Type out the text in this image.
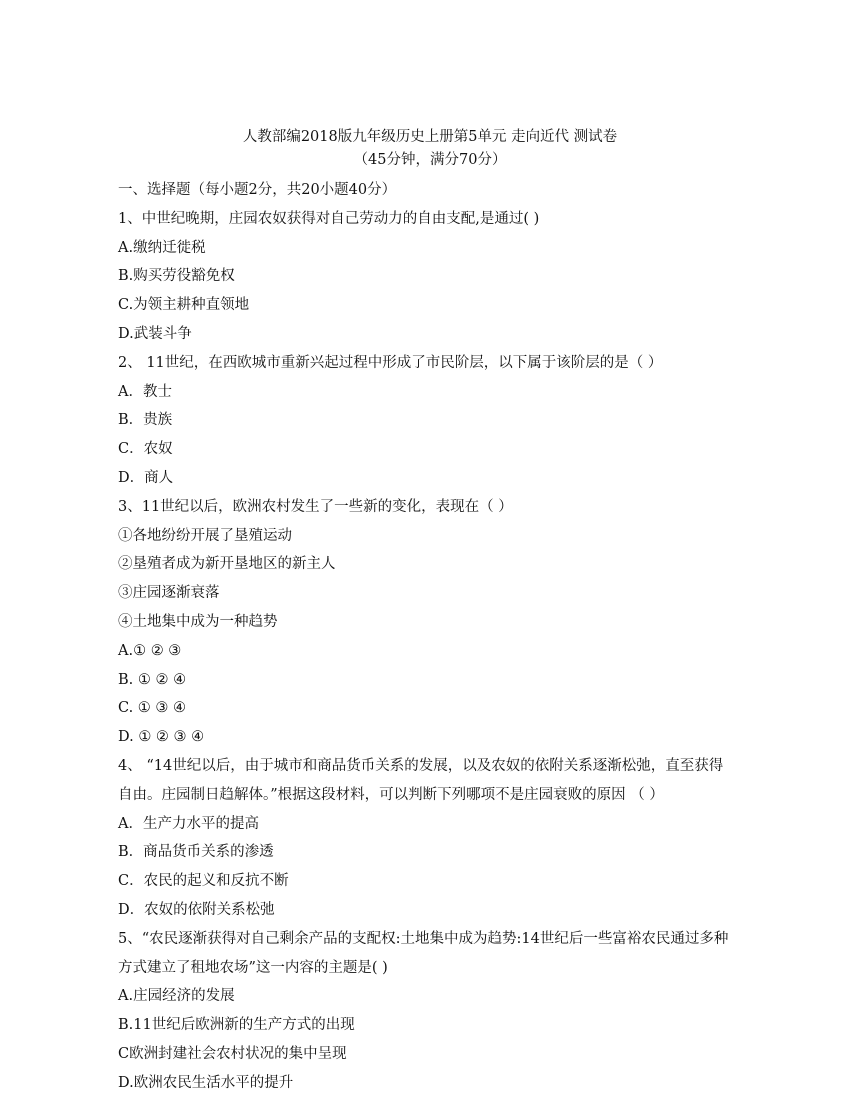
人教部编2018版九年级历史上册第5单元 走向近代 测试卷
（45分钟，满分70分）
一、选择题（每小题2分，共20小题40分）
1、中世纪晚期，庄园农奴获得对自己劳动力的自由支配,是通过( )
A.缴纳迁徙税
B.购买劳役豁免权
C.为领主耕种直领地
D.武装斗争
2、 11世纪，在西欧城市重新兴起过程中形成了市民阶层，以下属于该阶层的是（ ）
A．教士
B．贵族
C．农奴
D．商人
3、11世纪以后，欧洲农村发生了一些新的变化，表现在（ ）
①各地纷纷开展了垦殖运动
②垦殖者成为新开垦地区的新主人
③庄园逐渐衰落
④土地集中成为一种趋势
A.① ② ③
B. ① ② ④
C. ① ③ ④
D. ① ② ③ ④
4、 “14世纪以后，由于城市和商品货币关系的发展，以及农奴的依附关系逐渐松弛，直至获得
自由。庄园制日趋解体。”根据这段材料，可以判断下列哪项不是庄园衰败的原因 （ ）
A．生产力水平的提高
B．商品货币关系的渗透
C．农民的起义和反抗不断
D．农奴的依附关系松弛
5、“农民逐渐获得对自己剩余产品的支配权:土地集中成为趋势:14世纪后一些富裕农民通过多种
方式建立了租地农场”这一内容的主题是( )
A.庄园经济的发展
B.11世纪后欧洲新的生产方式的出现
C欧洲封建社会农村状况的集中呈现
D.欧洲农民生活水平的提升
